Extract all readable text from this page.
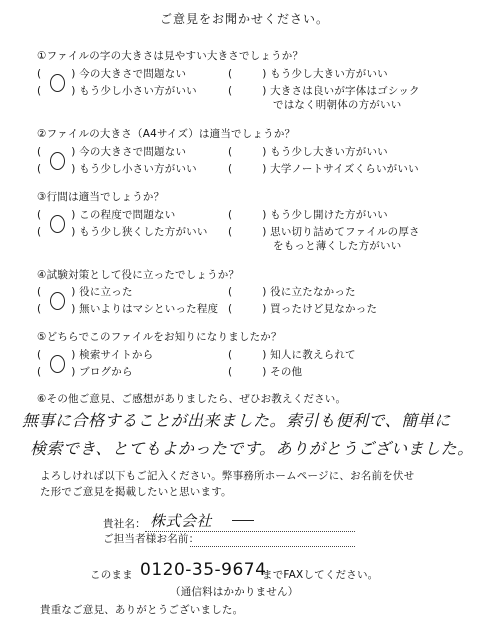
ご意見をお聞かせください。
①ファイルの字の大きさは見やすい大きさでしょうか？
(	) 今の大きさで問題ない	(	) もう少し大きい方がいい
(	) もう少し小さい方がいい	(	) 大きさは良いが字体はゴシック
ではなく明朝体の方がいい
②ファイルの大きさ（A4サイズ）は適当でしょうか？
(	) 今の大きさで問題ない	(	) もう少し大きい方がいい
(	) もう少し小さい方がいい	(	) 大学ノートサイズくらいがいい
③行間は適当でしょうか？
(	) この程度で問題ない	(	) もう少し開けた方がいい
(	) もう少し狭くした方がいい (	) 思い切り詰めてファイルの厚さ
をもっと薄くした方がいい
④試験対策として役に立ったでしょうか？
(	) 役に立った	(	) 役に立たなかった
(	) 無いよりはマシといった程度 (	) 買ったけど見なかった
⑤どちらでこのファイルをお知りになりましたか？
(	) 検索サイトから	(	) 知人に教えられて
(	) ブログから	(	) その他
⑥その他ご意見、ご感想がありましたら、ぜひお教えください。
無事に合格することが出来ました。索引も便利で、簡単に
検索でき、とてもよかったです。ありがとうございました。
よろしければ以下もご記入ください。弊事務所ホームページに、お名前を伏せ
た形でご意見を掲載したいと思います。
貴社名： 株式会社
ご担当者様お名前：
このまま 0120-35-9674
までFAXしてください。
（通信料はかかりません）
貴重なご意見、ありがとうございました。
